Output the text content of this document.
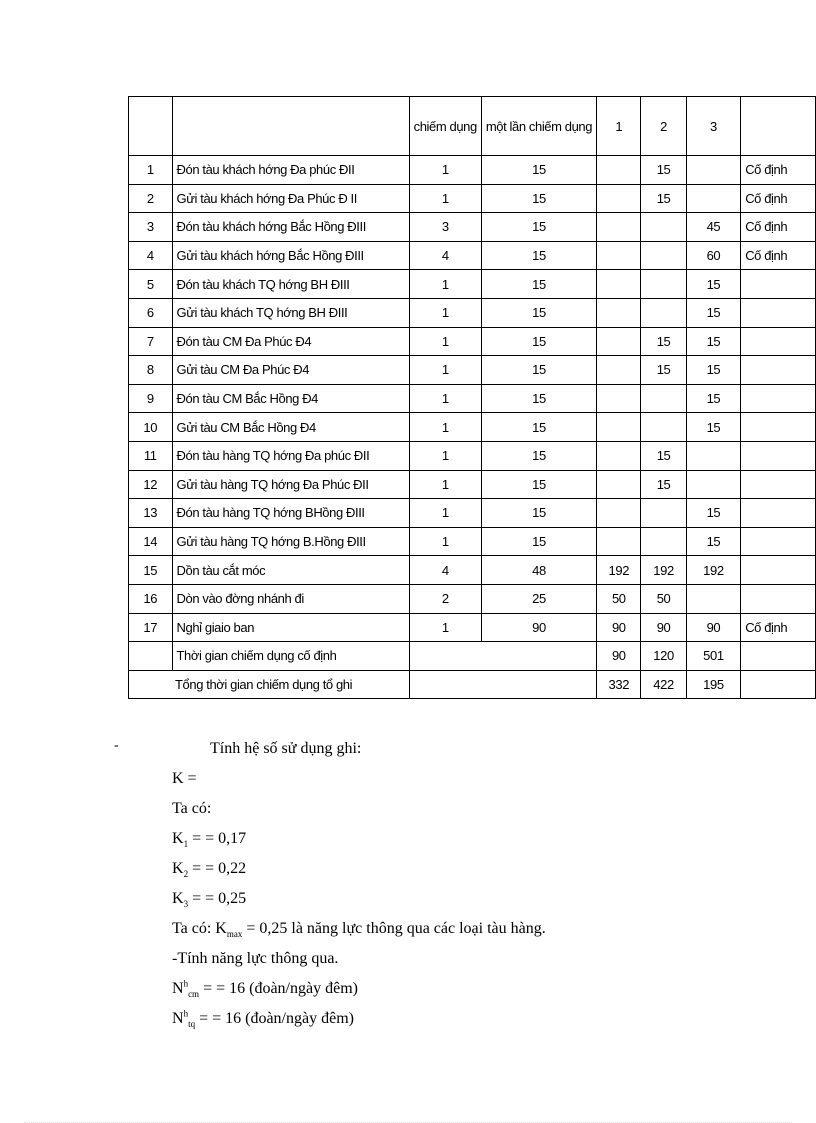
		chiếm dụng	một lần chiếm dụng	1	2	3	
1	Đón tàu khách hớng Đa phúc ĐII	1	15		15		Cố định
2	Gửi tàu khách hớng Đa Phúc Đ II	1	15		15		Cố định
3	Đón tàu khách hớng Bắc Hồng ĐIII	3	15			45	Cố định
4	Gửi tàu khách hớng Bắc Hồng ĐIII	4	15			60	Cố định
5	Đón tàu khách TQ hớng BH ĐIII	1	15			15	
6	Gửi tàu khách TQ hớng BH ĐIII	1	15			15	
7	Đón tàu CM Đa Phúc Đ4	1	15		15	15	
8	Gửi tàu CM Đa Phúc Đ4	1	15		15	15	
9	Đón tàu CM Bắc Hồng Đ4	1	15			15	
10	Gửi tàu CM Bắc Hồng Đ4	1	15			15	
11	Đón tàu hàng TQ hớng Đa phúc ĐII	1	15		15		
12	Gửi tàu hàng TQ hớng Đa Phúc ĐII	1	15		15		
13	Đón tàu hàng TQ hớng BHồng ĐIII	1	15			15	
14	Gửi tàu hàng TQ hớng B.Hồng ĐIII	1	15			15	
15	Dồn tàu cắt móc	4	48	192	192	192	
16	Dòn vào đờng nhánh đi	2	25	50	50		
17	Nghỉ giaio ban	1	90	90	90	90	Cố định
	Thời gian chiếm dụng cố định			90	120	501	
Tổng thời gian chiếm dụng tổ ghi				332	422	195	
-	Tính hệ số sử dụng ghi:
K =
Ta có:
$K_1$ = = 0,17
$K_2$ = = 0,22
$K_3$ = = 0,25
Ta có: $K_{max} = 0,25$ là năng lực thông qua các loại tàu hàng.
-Tính năng lực thông qua.
$N^h_{cm}$ = = 16 (đoàn/ngày đêm)
$N^h_{tq}$ = = 16 (đoàn/ngày đêm)
